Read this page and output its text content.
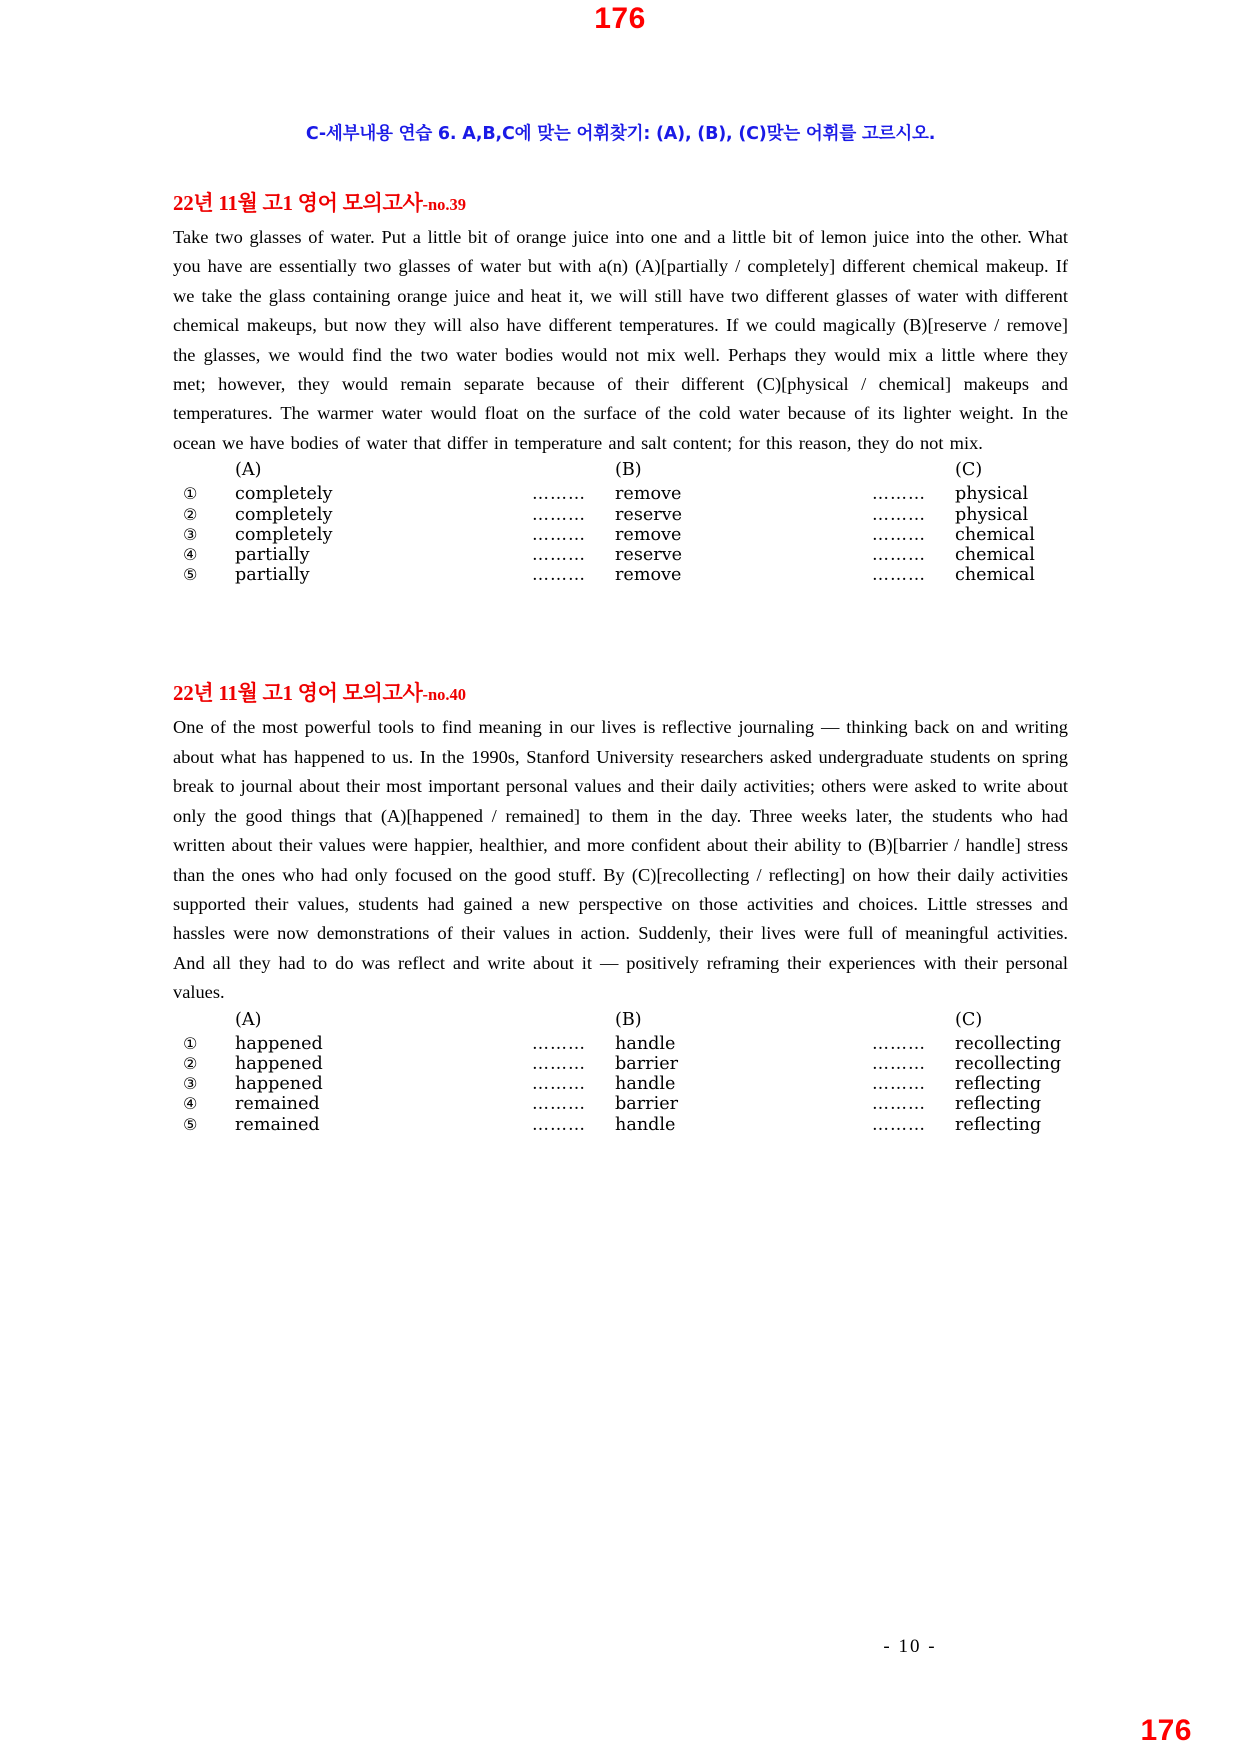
176
C-세부내용 연습 6. A,B,C에 맞는 어휘찾기: (A), (B), (C)맞는 어휘를 고르시오.
22년 11월 고1 영어 모의고사-no.39

Take two glasses of water. Put a little bit of orange juice into one and a little bit of lemon juice into the other. What you have are essentially two glasses of water but with a(n) (A)[partially / completely] different chemical makeup. If we take the glass containing orange juice and heat it, we will still have two different glasses of water with different chemical makeups, but now they will also have different temperatures. If we could magically (B)[reserve / remove] the glasses, we would find the two water bodies would not mix well. Perhaps they would mix a little where they met; however, they would remain separate because of their different (C)[physical / chemical] makeups and temperatures. The warmer water would float on the surface of the cold water because of its lighter weight. In the ocean we have bodies of water that differ in temperature and salt content; for this reason, they do not mix.

	(A)		(B)		(C)
①	completely	………	remove	………	physical
②	completely	………	reserve	………	physical
③	completely	………	remove	………	chemical
④	partially	………	reserve	………	chemical
⑤	partially	………	remove	………	chemical
22년 11월 고1 영어 모의고사-no.40

One of the most powerful tools to find meaning in our lives is reflective journaling — thinking back on and writing about what has happened to us. In the 1990s, Stanford University researchers asked undergraduate students on spring break to journal about their most important personal values and their daily activities; others were asked to write about only the good things that (A)[happened / remained] to them in the day. Three weeks later, the students who had written about their values were happier, healthier, and more confident about their ability to (B)[barrier / handle] stress than the ones who had only focused on the good stuff. By (C)[recollecting / reflecting] on how their daily activities supported their values, students had gained a new perspective on those activities and choices. Little stresses and hassles were now demonstrations of their values in action. Suddenly, their lives were full of meaningful activities. And all they had to do was reflect and write about it — positively reframing their experiences with their personal values.

	(A)		(B)		(C)
①	happened	………	handle	………	recollecting
②	happened	………	barrier	………	recollecting
③	happened	………	handle	………	reflecting
④	remained	………	barrier	………	reflecting
⑤	remained	………	handle	………	reflecting
- 10 -
176
